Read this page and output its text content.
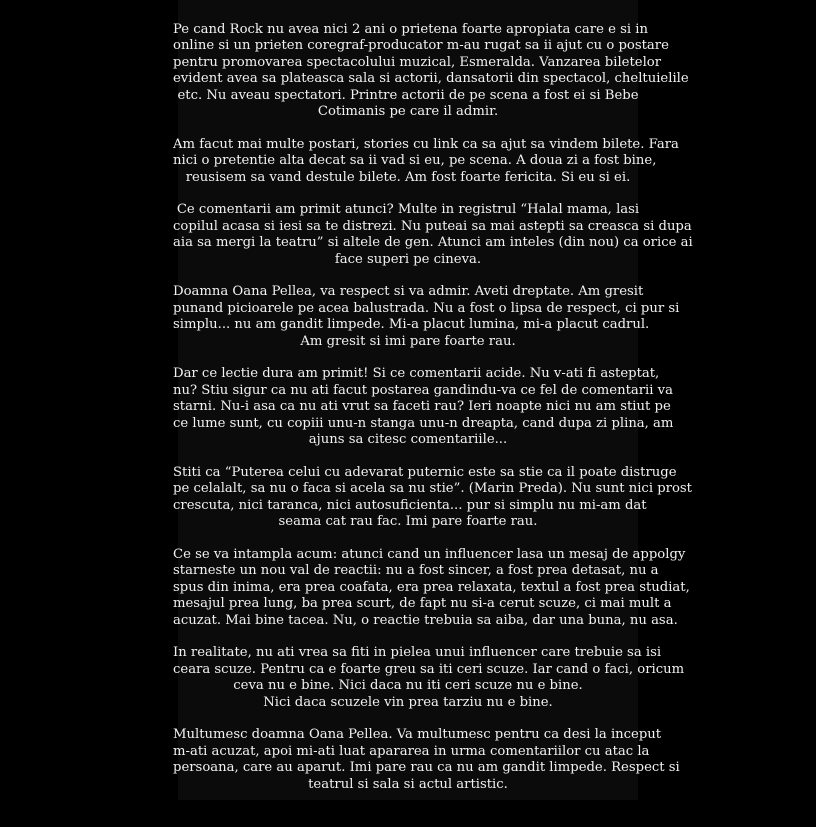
Pe cand Rock nu avea nici 2 ani o prietena foarte apropiata care e si in
online si un prieten coregraf-producator m-au rugat sa ii ajut cu o postare
pentru promovarea spectacolului muzical, Esmeralda. Vanzarea biletelor
evident avea sa plateasca sala si actorii, dansatorii din spectacol, cheltuielile
etc. Nu aveau spectatori. Printre actorii de pe scena a fost ei si Bebe
Cotimanis pe care il admir.

Am facut mai multe postari, stories cu link ca sa ajut sa vindem bilete. Fara
nici o pretentie alta decat sa ii vad si eu, pe scena. A doua zi a fost bine,
reusisem sa vand destule bilete. Am fost foarte fericita. Si eu si ei.

Ce comentarii am primit atunci? Multe in registrul “Halal mama, lasi
copilul acasa si iesi sa te distrezi. Nu puteai sa mai astepti sa creasca si dupa
aia sa mergi la teatru” si altele de gen. Atunci am inteles (din nou) ca orice ai
face superi pe cineva.

Doamna Oana Pellea, va respect si va admir. Aveti dreptate. Am gresit
punand picioarele pe acea balustrada. Nu a fost o lipsa de respect, ci pur si
simplu... nu am gandit limpede. Mi-a placut lumina, mi-a placut cadrul.
Am gresit si imi pare foarte rau.

Dar ce lectie dura am primit! Si ce comentarii acide. Nu v-ati fi asteptat,
nu? Stiu sigur ca nu ati facut postarea gandindu-va ce fel de comentarii va
starni. Nu-i asa ca nu ati vrut sa faceti rau? Ieri noapte nici nu am stiut pe
ce lume sunt, cu copiii unu-n stanga unu-n dreapta, cand dupa zi plina, am
ajuns sa citesc comentariile...

Stiti ca “Puterea celui cu adevarat puternic este sa stie ca il poate distruge
pe celalalt, sa nu o faca si acela sa nu stie”. (Marin Preda). Nu sunt nici prost
crescuta, nici taranca, nici autosuficienta... pur si simplu nu mi-am dat
seama cat rau fac. Imi pare foarte rau.

Ce se va intampla acum: atunci cand un influencer lasa un mesaj de appolgy
starneste un nou val de reactii: nu a fost sincer, a fost prea detasat, nu a
spus din inima, era prea coafata, era prea relaxata, textul a fost prea studiat,
mesajul prea lung, ba prea scurt, de fapt nu si-a cerut scuze, ci mai mult a
acuzat. Mai bine tacea. Nu, o reactie trebuia sa aiba, dar una buna, nu asa.

In realitate, nu ati vrea sa fiti in pielea unui influencer care trebuie sa isi
ceara scuze. Pentru ca e foarte greu sa iti ceri scuze. Iar cand o faci, oricum
ceva nu e bine. Nici daca nu iti ceri scuze nu e bine.
Nici daca scuzele vin prea tarziu nu e bine.

Multumesc doamna Oana Pellea. Va multumesc pentru ca desi la inceput
m-ati acuzat, apoi mi-ati luat apararea in urma comentariilor cu atac la
persoana, care au aparut. Imi pare rau ca nu am gandit limpede. Respect si
teatrul si sala si actul artistic.
